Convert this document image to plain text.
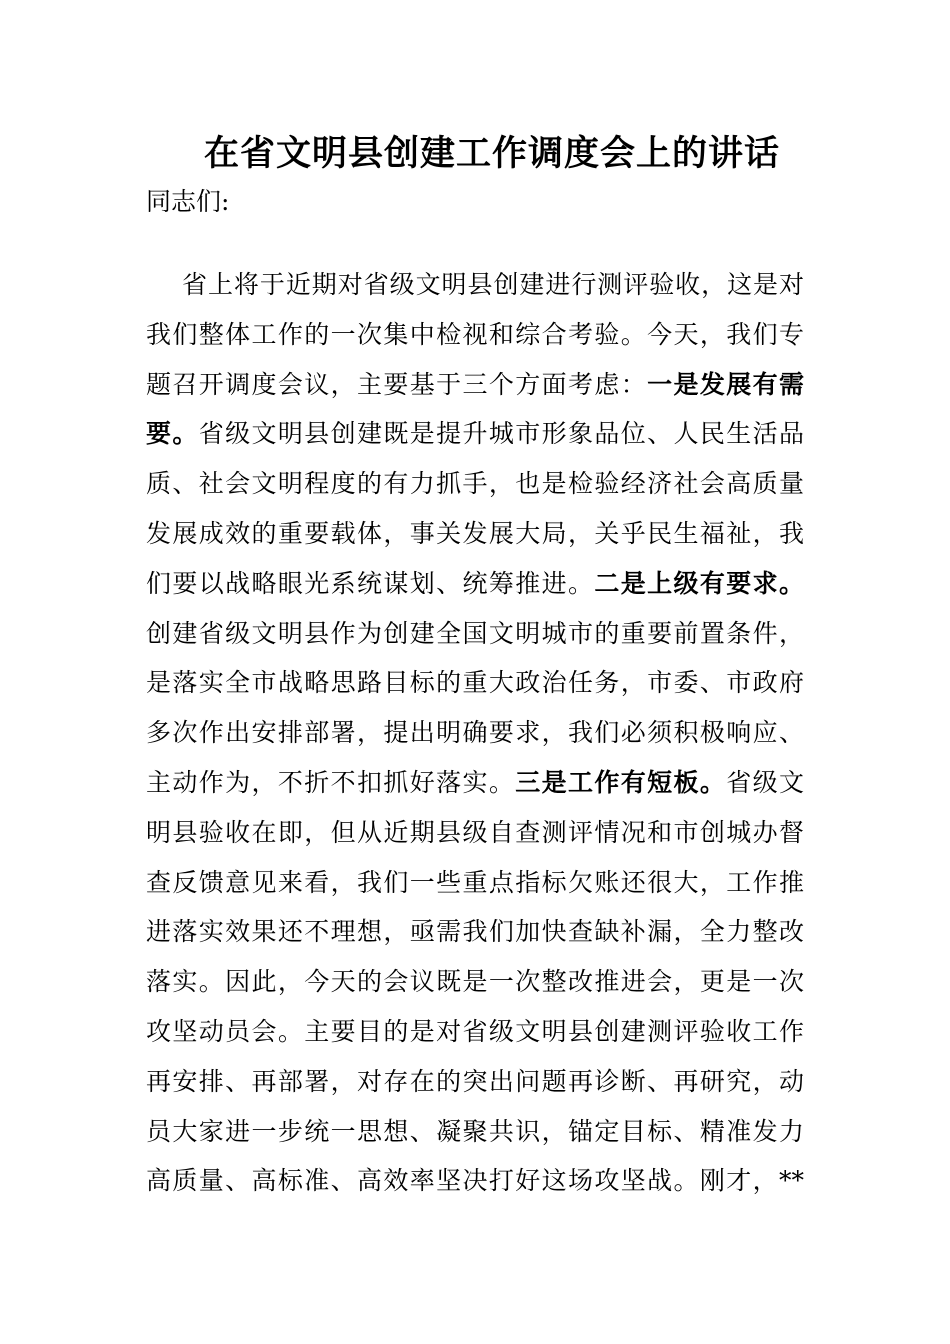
在省文明县创建工作调度会上的讲话
同志们:
省上将于近期对省级文明县创建进行测评验收，这是对
我们整体工作的一次集中检视和综合考验。今天，我们专
题召开调度会议，主要基于三个方面考虑：一是发展有需
要。省级文明县创建既是提升城市形象品位、人民生活品
质、社会文明程度的有力抓手，也是检验经济社会高质量
发展成效的重要载体，事关发展大局，关乎民生福祉，我
们要以战略眼光系统谋划、统筹推进。二是上级有要求。
创建省级文明县作为创建全国文明城市的重要前置条件，
是落实全市战略思路目标的重大政治任务，市委、市政府
多次作出安排部署，提出明确要求，我们必须积极响应、
主动作为，不折不扣抓好落实。三是工作有短板。省级文
明县验收在即，但从近期县级自查测评情况和市创城办督
查反馈意见来看，我们一些重点指标欠账还很大，工作推
进落实效果还不理想，亟需我们加快查缺补漏，全力整改
落实。因此，今天的会议既是一次整改推进会，更是一次
攻坚动员会。主要目的是对省级文明县创建测评验收工作
再安排、再部署，对存在的突出问题再诊断、再研究，动
员大家进一步统一思想、凝聚共识，锚定目标、精准发力
高质量、高标准、高效率坚决打好这场攻坚战。刚才，**
